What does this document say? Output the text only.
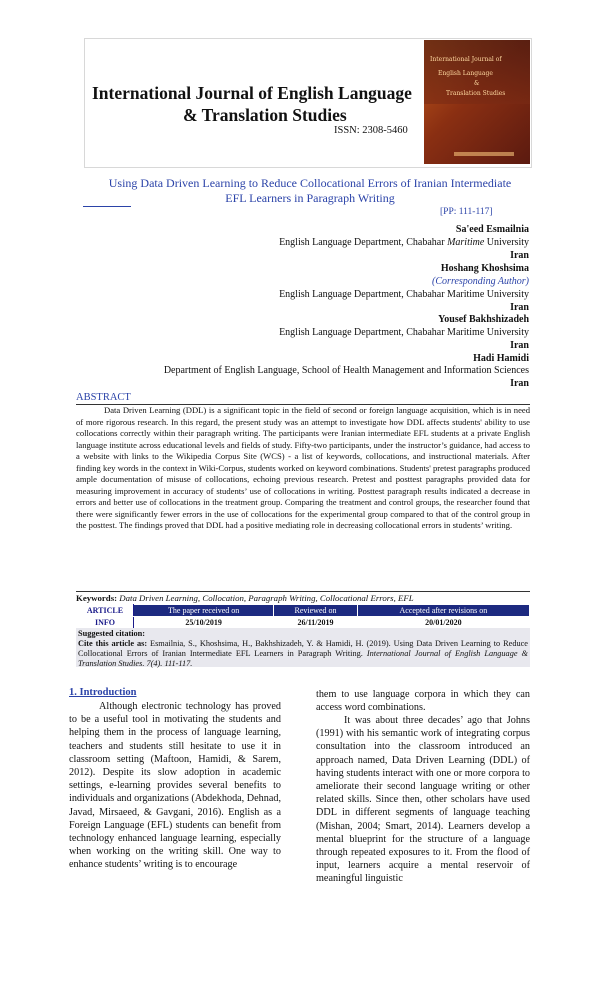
International Journal of English Language
& Translation Studies
ISSN: 2308-5460
International Journal of
English Language
&
Translation Studies
Using Data Driven Learning to Reduce Collocational Errors of Iranian Intermediate
EFL Learners in Paragraph Writing
[PP: 111-117]
Sa'eed Esmailnia
English Language Department, Chabahar Maritime University
Iran
Hoshang Khoshsima
(Corresponding Author)
English Language Department, Chabahar Maritime University
Iran
Yousef Bakhshizadeh
English Language Department, Chabahar Maritime University
Iran
Hadi Hamidi
Department of English Language, School of Health Management and Information Sciences
Iran
ABSTRACT
Data Driven Learning (DDL) is a significant topic in the field of second or foreign language acquisition, which is in need of more rigorous research. In this regard, the present study was an attempt to investigate how DDL affects students' ability to use collocations correctly within their paragraph writing. The participants were Iranian intermediate EFL students at a private English language institute across educational levels and fields of study. Fifty-two participants, under the instructor’s guidance, had access to a website with links to the Wikipedia Corpus Site (WCS) - a list of keywords, collocations, and instructional materials. After finding key words in the context in Wiki-Corpus, students worked on keyword combinations. Students' pretest paragraphs produced ample documentation of misuse of collocations, echoing previous research. Pretest and posttest paragraphs provided data for measuring improvement in accuracy of students’ use of collocations in writing. Posttest paragraph results indicated a decrease in errors and better use of collocations in the treatment group. Comparing the treatment and control groups, the researcher found that there were significantly fewer errors in the use of collocations for the experimental group compared to that of the control group in the posttest. The findings proved that DDL had a positive mediating role in decreasing collocational errors in students’ writing.
Keywords: Data Driven Learning, Collocation, Paragraph Writing, Collocational Errors, EFL
ARTICLE	The paper received on	Reviewed on	Accepted after revisions on
INFO	25/10/2019	26/11/2019	20/01/2020
Suggested citation:
Cite this article as: Esmailnia, S., Khoshsima, H., Bakhshizadeh, Y. & Hamidi, H. (2019). Using Data Driven Learning to Reduce Collocational Errors of Iranian Intermediate EFL Learners in Paragraph Writing. International Journal of English Language & Translation Studies. 7(4). 111-117.
1. Introduction
Although electronic technology has proved to be a useful tool in motivating the students and helping them in the process of language learning, teachers and students still hesitate to use it in classroom setting (Maftoon, Hamidi, & Sarem, 2012). Despite its slow adoption in academic settings, e-learning provides several benefits to individuals and organizations (Abdekhoda, Dehnad, Javad, Mirsaeed, & Gavgani, 2016). English as a Foreign Language (EFL) students can benefit from technology enhanced language learning, especially when working on the writing skill. One way to enhance students’ writing is to encourage
them to use language corpora in which they can access word combinations.
It was about three decades’ ago that Johns (1991) with his semantic work of integrating corpus consultation into the classroom introduced an approach named, Data Driven Learning (DDL) of having students interact with one or more corpora to ameliorate their second language writing or other related skills. Since then, other scholars have used DDL in different segments of language teaching (Mishan, 2004; Smart, 2014). Learners develop a mental blueprint for the structure of a language through repeated exposures to it. From the flood of input, learners acquire a mental reservoir of meaningful linguistic
